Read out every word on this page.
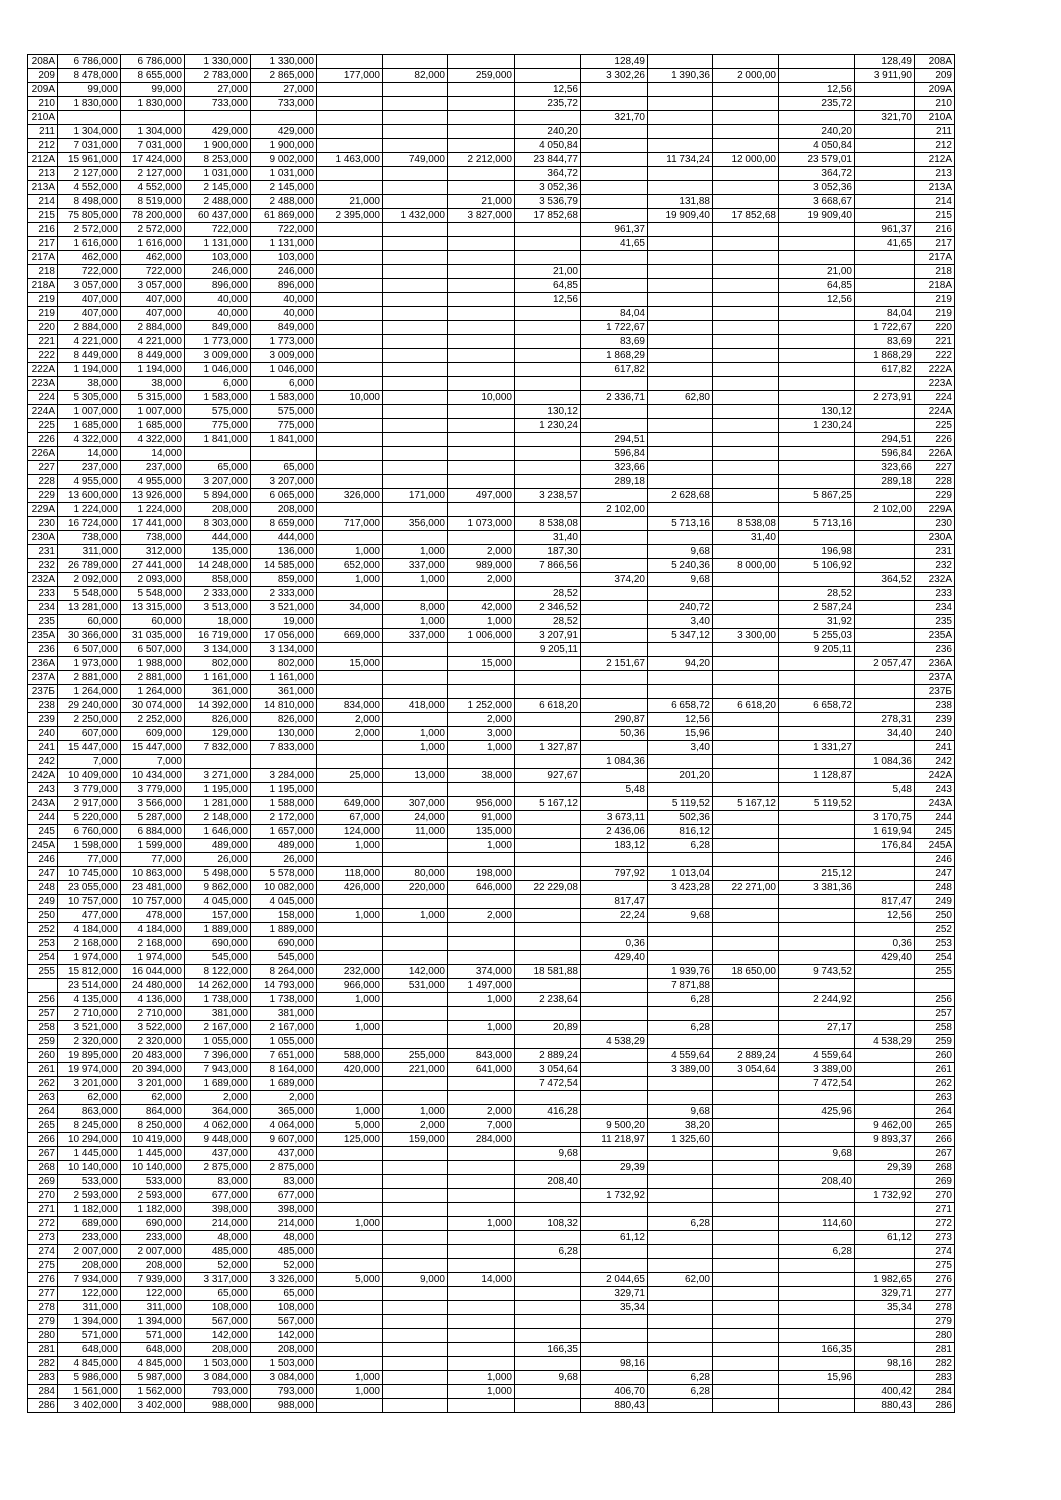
208А	6 786,000	6 786,000	1 330,000	1 330,000					128,49				128,49	208А
209	8 478,000	8 655,000	2 783,000	2 865,000	177,000	82,000	259,000		3 302,26	1 390,36	2 000,00		3 911,90	209
209А	99,000	99,000	27,000	27,000				12,56				12,56		209А
210	1 830,000	1 830,000	733,000	733,000				235,72				235,72		210
210А									321,70				321,70	210А
211	1 304,000	1 304,000	429,000	429,000				240,20				240,20		211
212	7 031,000	7 031,000	1 900,000	1 900,000				4 050,84				4 050,84		212
212А	15 961,000	17 424,000	8 253,000	9 002,000	1 463,000	749,000	2 212,000	23 844,77		11 734,24	12 000,00	23 579,01		212А
213	2 127,000	2 127,000	1 031,000	1 031,000				364,72				364,72		213
213А	4 552,000	4 552,000	2 145,000	2 145,000				3 052,36				3 052,36		213А
214	8 498,000	8 519,000	2 488,000	2 488,000	21,000		21,000	3 536,79		131,88		3 668,67		214
215	75 805,000	78 200,000	60 437,000	61 869,000	2 395,000	1 432,000	3 827,000	17 852,68		19 909,40	17 852,68	19 909,40		215
216	2 572,000	2 572,000	722,000	722,000					961,37				961,37	216
217	1 616,000	1 616,000	1 131,000	1 131,000					41,65				41,65	217
217А	462,000	462,000	103,000	103,000										217А
218	722,000	722,000	246,000	246,000				21,00				21,00		218
218А	3 057,000	3 057,000	896,000	896,000				64,85				64,85		218А
219	407,000	407,000	40,000	40,000				12,56				12,56		219
219	407,000	407,000	40,000	40,000					84,04				84,04	219
220	2 884,000	2 884,000	849,000	849,000					1 722,67				1 722,67	220
221	4 221,000	4 221,000	1 773,000	1 773,000					83,69				83,69	221
222	8 449,000	8 449,000	3 009,000	3 009,000					1 868,29				1 868,29	222
222А	1 194,000	1 194,000	1 046,000	1 046,000					617,82				617,82	222А
223А	38,000	38,000	6,000	6,000										223А
224	5 305,000	5 315,000	1 583,000	1 583,000	10,000		10,000		2 336,71	62,80			2 273,91	224
224А	1 007,000	1 007,000	575,000	575,000				130,12				130,12		224А
225	1 685,000	1 685,000	775,000	775,000				1 230,24				1 230,24		225
226	4 322,000	4 322,000	1 841,000	1 841,000					294,51				294,51	226
226А	14,000	14,000							596,84				596,84	226А
227	237,000	237,000	65,000	65,000					323,66				323,66	227
228	4 955,000	4 955,000	3 207,000	3 207,000					289,18				289,18	228
229	13 600,000	13 926,000	5 894,000	6 065,000	326,000	171,000	497,000	3 238,57		2 628,68		5 867,25		229
229А	1 224,000	1 224,000	208,000	208,000					2 102,00				2 102,00	229А
230	16 724,000	17 441,000	8 303,000	8 659,000	717,000	356,000	1 073,000	8 538,08		5 713,16	8 538,08	5 713,16		230
230А	738,000	738,000	444,000	444,000				31,40			31,40			230А
231	311,000	312,000	135,000	136,000	1,000	1,000	2,000	187,30		9,68		196,98		231
232	26 789,000	27 441,000	14 248,000	14 585,000	652,000	337,000	989,000	7 866,56		5 240,36	8 000,00	5 106,92		232
232А	2 092,000	2 093,000	858,000	859,000	1,000	1,000	2,000		374,20	9,68			364,52	232А
233	5 548,000	5 548,000	2 333,000	2 333,000				28,52				28,52		233
234	13 281,000	13 315,000	3 513,000	3 521,000	34,000	8,000	42,000	2 346,52		240,72		2 587,24		234
235	60,000	60,000	18,000	19,000		1,000	1,000	28,52		3,40		31,92		235
235А	30 366,000	31 035,000	16 719,000	17 056,000	669,000	337,000	1 006,000	3 207,91		5 347,12	3 300,00	5 255,03		235А
236	6 507,000	6 507,000	3 134,000	3 134,000				9 205,11				9 205,11		236
236А	1 973,000	1 988,000	802,000	802,000	15,000		15,000		2 151,67	94,20			2 057,47	236А
237А	2 881,000	2 881,000	1 161,000	1 161,000										237А
237Б	1 264,000	1 264,000	361,000	361,000										237Б
238	29 240,000	30 074,000	14 392,000	14 810,000	834,000	418,000	1 252,000	6 618,20		6 658,72	6 618,20	6 658,72		238
239	2 250,000	2 252,000	826,000	826,000	2,000		2,000		290,87	12,56			278,31	239
240	607,000	609,000	129,000	130,000	2,000	1,000	3,000		50,36	15,96			34,40	240
241	15 447,000	15 447,000	7 832,000	7 833,000		1,000	1,000	1 327,87		3,40		1 331,27		241
242	7,000	7,000							1 084,36				1 084,36	242
242А	10 409,000	10 434,000	3 271,000	3 284,000	25,000	13,000	38,000	927,67		201,20		1 128,87		242А
243	3 779,000	3 779,000	1 195,000	1 195,000					5,48				5,48	243
243А	2 917,000	3 566,000	1 281,000	1 588,000	649,000	307,000	956,000	5 167,12		5 119,52	5 167,12	5 119,52		243А
244	5 220,000	5 287,000	2 148,000	2 172,000	67,000	24,000	91,000		3 673,11	502,36			3 170,75	244
245	6 760,000	6 884,000	1 646,000	1 657,000	124,000	11,000	135,000		2 436,06	816,12			1 619,94	245
245А	1 598,000	1 599,000	489,000	489,000	1,000		1,000		183,12	6,28			176,84	245А
246	77,000	77,000	26,000	26,000										246
247	10 745,000	10 863,000	5 498,000	5 578,000	118,000	80,000	198,000		797,92	1 013,04		215,12		247
248	23 055,000	23 481,000	9 862,000	10 082,000	426,000	220,000	646,000	22 229,08		3 423,28	22 271,00	3 381,36		248
249	10 757,000	10 757,000	4 045,000	4 045,000					817,47				817,47	249
250	477,000	478,000	157,000	158,000	1,000	1,000	2,000		22,24	9,68			12,56	250
252	4 184,000	4 184,000	1 889,000	1 889,000										252
253	2 168,000	2 168,000	690,000	690,000					0,36				0,36	253
254	1 974,000	1 974,000	545,000	545,000					429,40				429,40	254
255	15 812,000	16 044,000	8 122,000	8 264,000	232,000	142,000	374,000	18 581,88		1 939,76	18 650,00	9 743,52		255
	23 514,000	24 480,000	14 262,000	14 793,000	966,000	531,000	1 497,000			7 871,88				
256	4 135,000	4 136,000	1 738,000	1 738,000	1,000		1,000	2 238,64		6,28		2 244,92		256
257	2 710,000	2 710,000	381,000	381,000										257
258	3 521,000	3 522,000	2 167,000	2 167,000	1,000		1,000	20,89		6,28		27,17		258
259	2 320,000	2 320,000	1 055,000	1 055,000					4 538,29				4 538,29	259
260	19 895,000	20 483,000	7 396,000	7 651,000	588,000	255,000	843,000	2 889,24		4 559,64	2 889,24	4 559,64		260
261	19 974,000	20 394,000	7 943,000	8 164,000	420,000	221,000	641,000	3 054,64		3 389,00	3 054,64	3 389,00		261
262	3 201,000	3 201,000	1 689,000	1 689,000				7 472,54				7 472,54		262
263	62,000	62,000	2,000	2,000										263
264	863,000	864,000	364,000	365,000	1,000	1,000	2,000	416,28		9,68		425,96		264
265	8 245,000	8 250,000	4 062,000	4 064,000	5,000	2,000	7,000		9 500,20	38,20			9 462,00	265
266	10 294,000	10 419,000	9 448,000	9 607,000	125,000	159,000	284,000		11 218,97	1 325,60			9 893,37	266
267	1 445,000	1 445,000	437,000	437,000				9,68				9,68		267
268	10 140,000	10 140,000	2 875,000	2 875,000					29,39				29,39	268
269	533,000	533,000	83,000	83,000				208,40				208,40		269
270	2 593,000	2 593,000	677,000	677,000					1 732,92				1 732,92	270
271	1 182,000	1 182,000	398,000	398,000										271
272	689,000	690,000	214,000	214,000	1,000		1,000	108,32		6,28		114,60		272
273	233,000	233,000	48,000	48,000					61,12				61,12	273
274	2 007,000	2 007,000	485,000	485,000				6,28				6,28		274
275	208,000	208,000	52,000	52,000										275
276	7 934,000	7 939,000	3 317,000	3 326,000	5,000	9,000	14,000		2 044,65	62,00			1 982,65	276
277	122,000	122,000	65,000	65,000					329,71				329,71	277
278	311,000	311,000	108,000	108,000					35,34				35,34	278
279	1 394,000	1 394,000	567,000	567,000										279
280	571,000	571,000	142,000	142,000										280
281	648,000	648,000	208,000	208,000				166,35				166,35		281
282	4 845,000	4 845,000	1 503,000	1 503,000					98,16				98,16	282
283	5 986,000	5 987,000	3 084,000	3 084,000	1,000		1,000	9,68		6,28		15,96		283
284	1 561,000	1 562,000	793,000	793,000	1,000		1,000		406,70	6,28			400,42	284
286	3 402,000	3 402,000	988,000	988,000					880,43				880,43	286
